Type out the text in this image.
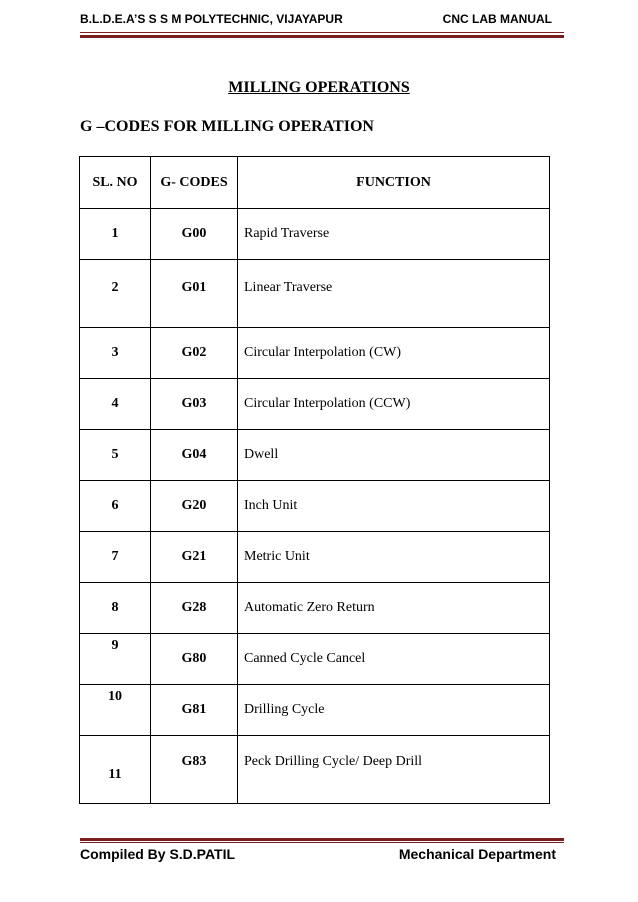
B.L.D.E.A’S S S M POLYTECHNIC, VIJAYAPUR	CNC LAB MANUAL
MILLING OPERATIONS
G –CODES FOR MILLING OPERATION
SL. NO	G- CODES	FUNCTION
1	G00	Rapid Traverse
2	G01	Linear Traverse
3	G02	Circular Interpolation (CW)
4	G03	Circular Interpolation (CCW)
5	G04	Dwell
6	G20	Inch Unit
7	G21	Metric Unit
8	G28	Automatic Zero Return
9	G80	Canned Cycle Cancel
10	G81	Drilling Cycle
11	G83	Peck Drilling Cycle/ Deep Drill
Compiled By S.D.PATIL	Mechanical Department
